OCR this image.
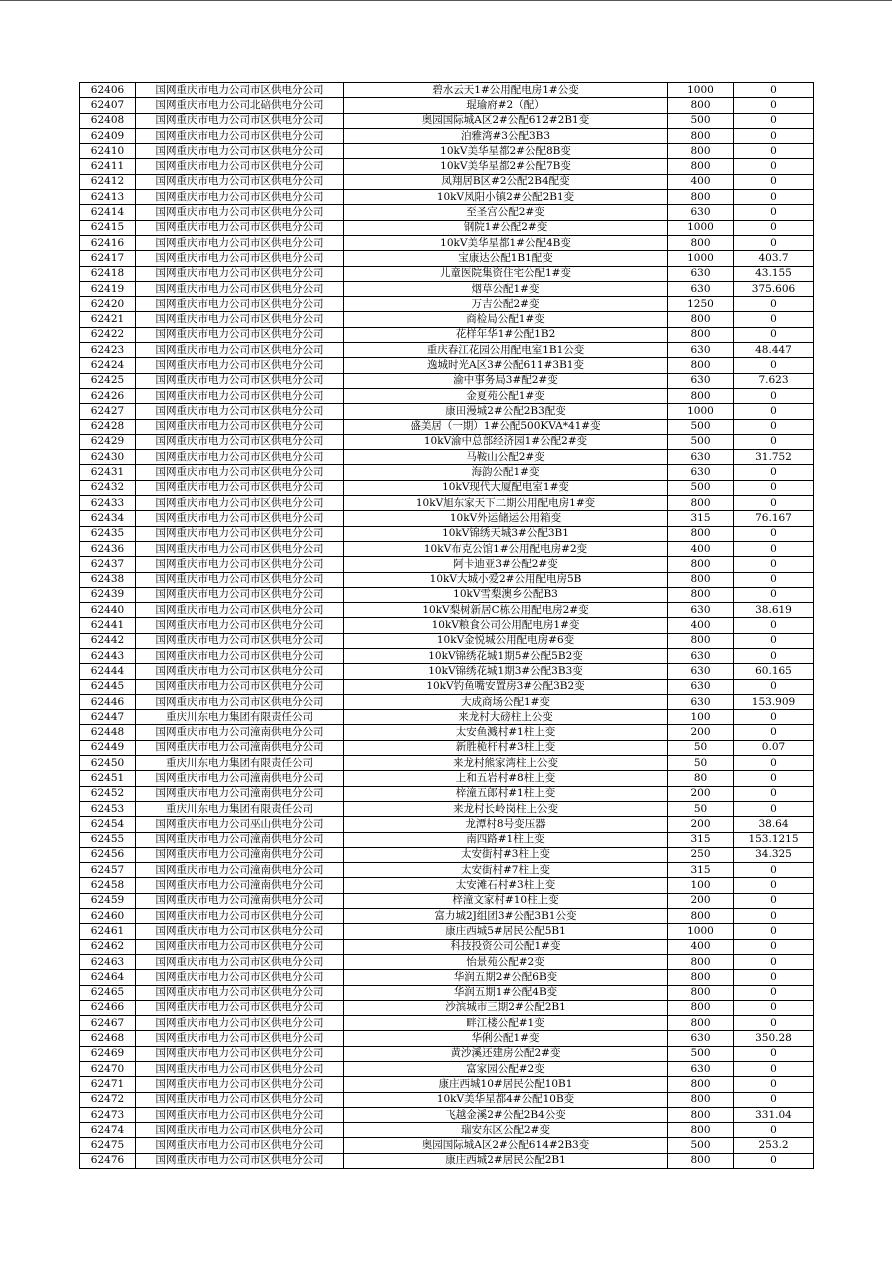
62406	国网重庆市电力公司市区供电分公司	碧水云天1#公用配电房1#公变	1000	0
62407	国网重庆市电力公司北碚供电分公司	琨瑜府#2（配）	800	0
62408	国网重庆市电力公司市区供电分公司	奥园国际城A区2#公配612#2B1变	500	0
62409	国网重庆市电力公司市区供电分公司	泊雅湾#3公配3B3	800	0
62410	国网重庆市电力公司市区供电分公司	10kV美华星都2#公配8B变	800	0
62411	国网重庆市电力公司市区供电分公司	10kV美华星都2#公配7B变	800	0
62412	国网重庆市电力公司市区供电分公司	凤翔居B区#2公配2B4配变	400	0
62413	国网重庆市电力公司市区供电分公司	10kV凤阳小镇2#公配2B1变	800	0
62414	国网重庆市电力公司市区供电分公司	至圣宫公配2#变	630	0
62415	国网重庆市电力公司市区供电分公司	钢院1#公配2#变	1000	0
62416	国网重庆市电力公司市区供电分公司	10kV美华星都1#公配4B变	800	0
62417	国网重庆市电力公司市区供电分公司	宝康达公配1B1配变	1000	403.7
62418	国网重庆市电力公司市区供电分公司	儿童医院集资住宅公配1#变	630	43.155
62419	国网重庆市电力公司市区供电分公司	烟草公配1#变	630	375.606
62420	国网重庆市电力公司市区供电分公司	万吉公配2#变	1250	0
62421	国网重庆市电力公司市区供电分公司	商检局公配1#变	800	0
62422	国网重庆市电力公司市区供电分公司	花样年华1#公配1B2	800	0
62423	国网重庆市电力公司市区供电分公司	重庆春江花园公用配电室1B1公变	630	48.447
62424	国网重庆市电力公司市区供电分公司	逸城时光A区3#公配611#3B1变	800	0
62425	国网重庆市电力公司市区供电分公司	渝中事务局3#配2#变	630	7.623
62426	国网重庆市电力公司市区供电分公司	金夏苑公配1#变	800	0
62427	国网重庆市电力公司市区供电分公司	康田漫城2#公配2B3配变	1000	0
62428	国网重庆市电力公司市区供电分公司	盛美居（一期）1#公配500KVA*41#变	500	0
62429	国网重庆市电力公司市区供电分公司	10kV渝中总部经济园1#公配2#变	500	0
62430	国网重庆市电力公司市区供电分公司	马鞍山公配2#变	630	31.752
62431	国网重庆市电力公司市区供电分公司	海韵公配1#变	630	0
62432	国网重庆市电力公司市区供电分公司	10kV现代大厦配电室1#变	500	0
62433	国网重庆市电力公司市区供电分公司	10kV旭东家天下二期公用配电房1#变	800	0
62434	国网重庆市电力公司市区供电分公司	10kV外运储运公用箱变	315	76.167
62435	国网重庆市电力公司市区供电分公司	10kV锦绣天城3#公配3B1	800	0
62436	国网重庆市电力公司市区供电分公司	10kV布克公馆1#公用配电房#2变	400	0
62437	国网重庆市电力公司市区供电分公司	阿卡迪亚3#公配2#变	800	0
62438	国网重庆市电力公司市区供电分公司	10kV大城小爱2#公用配电房5B	800	0
62439	国网重庆市电力公司市区供电分公司	10kV雪梨澳乡公配B3	800	0
62440	国网重庆市电力公司市区供电分公司	10kV梨树新居C栋公用配电房2#变	630	38.619
62441	国网重庆市电力公司市区供电分公司	10kV粮食公司公用配电房1#变	400	0
62442	国网重庆市电力公司市区供电分公司	10kV金悦城公用配电房#6变	800	0
62443	国网重庆市电力公司市区供电分公司	10kV锦绣花城1期5#公配5B2变	630	0
62444	国网重庆市电力公司市区供电分公司	10kV锦绣花城1期3#公配3B3变	630	60.165
62445	国网重庆市电力公司市区供电分公司	10kV钓鱼嘴安置房3#公配3B2变	630	0
62446	国网重庆市电力公司市区供电分公司	大成商场公配1#变	630	153.909
62447	重庆川东电力集团有限责任公司	来龙村大磅柱上公变	100	0
62448	国网重庆市电力公司潼南供电分公司	太安鱼溅村#1柱上变	200	0
62449	国网重庆市电力公司潼南供电分公司	新胜桅杆村#3柱上变	50	0.07
62450	重庆川东电力集团有限责任公司	来龙村熊家湾柱上公变	50	0
62451	国网重庆市电力公司潼南供电分公司	上和五岩村#8柱上变	80	0
62452	国网重庆市电力公司潼南供电分公司	梓潼五郎村#1柱上变	200	0
62453	重庆川东电力集团有限责任公司	来龙村长岭岗柱上公变	50	0
62454	国网重庆市电力公司巫山供电分公司	龙潭村8号变压器	200	38.64
62455	国网重庆市电力公司潼南供电分公司	南四路#1柱上变	315	153.1215
62456	国网重庆市电力公司潼南供电分公司	太安街村#3柱上变	250	34.325
62457	国网重庆市电力公司潼南供电分公司	太安街村#7柱上变	315	0
62458	国网重庆市电力公司潼南供电分公司	太安滩石村#3柱上变	100	0
62459	国网重庆市电力公司潼南供电分公司	梓潼文家村#10柱上变	200	0
62460	国网重庆市电力公司市区供电分公司	富力城2J组团3#公配3B1公变	800	0
62461	国网重庆市电力公司市区供电分公司	康庄西城5#居民公配5B1	1000	0
62462	国网重庆市电力公司市区供电分公司	科技投资公司公配1#变	400	0
62463	国网重庆市电力公司市区供电分公司	怡景苑公配#2变	800	0
62464	国网重庆市电力公司市区供电分公司	华润五期2#公配6B变	800	0
62465	国网重庆市电力公司市区供电分公司	华润五期1#公配4B变	800	0
62466	国网重庆市电力公司市区供电分公司	沙滨城市三期2#公配2B1	800	0
62467	国网重庆市电力公司市区供电分公司	畔江楼公配#1变	800	0
62468	国网重庆市电力公司市区供电分公司	华俐公配1#变	630	350.28
62469	国网重庆市电力公司市区供电分公司	黄沙溪还建房公配2#变	500	0
62470	国网重庆市电力公司市区供电分公司	富家园公配#2变	630	0
62471	国网重庆市电力公司市区供电分公司	康庄西城10#居民公配10B1	800	0
62472	国网重庆市电力公司市区供电分公司	10kV美华星都4#公配10B变	800	0
62473	国网重庆市电力公司市区供电分公司	飞越金溪2#公配2B4公变	800	331.04
62474	国网重庆市电力公司市区供电分公司	瑞安东区公配2#变	800	0
62475	国网重庆市电力公司市区供电分公司	奥园国际城A区2#公配614#2B3变	500	253.2
62476	国网重庆市电力公司市区供电分公司	康庄西城2#居民公配2B1	800	0
